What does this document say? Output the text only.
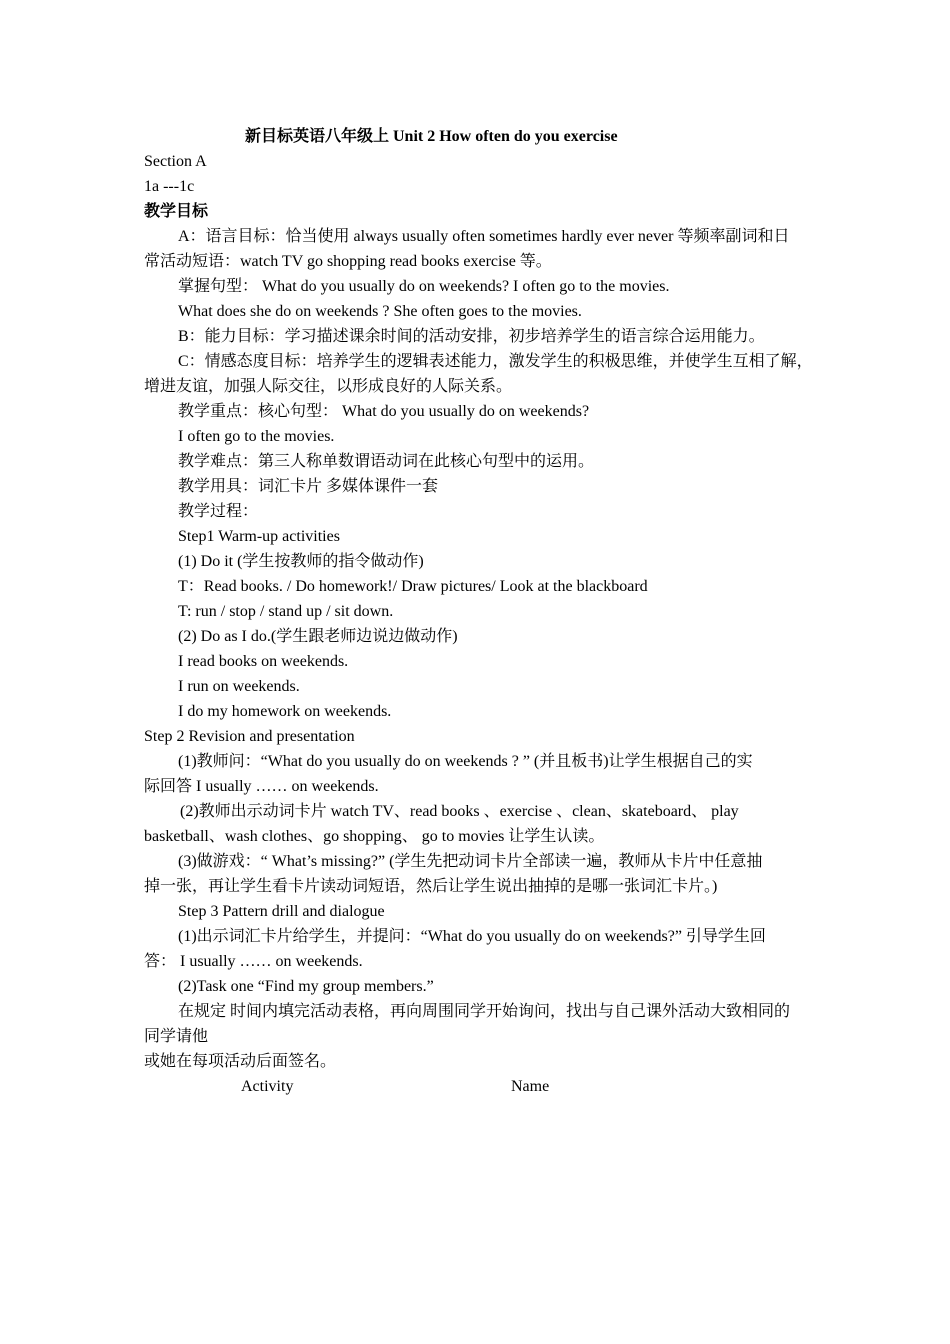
新目标英语八年级上 Unit 2 How often do you exercise
Section A
1a ---1c
教学目标
A：语言目标：恰当使用 always usually often sometimes hardly ever never 等频率副词和日
常活动短语：watch TV go shopping read books exercise 等。
掌握句型： What do you usually do on weekends? I often go to the movies.
What does she do on weekends ? She often goes to the movies.
B：能力目标：学习描述课余时间的活动安排，初步培养学生的语言综合运用能力。
C：情感态度目标：培养学生的逻辑表述能力，激发学生的积极思维，并使学生互相了解，
增进友谊，加强人际交往，以形成良好的人际关系。
教学重点：核心句型： What do you usually do on weekends?
I often go to the movies.
教学难点：第三人称单数谓语动词在此核心句型中的运用。
教学用具：词汇卡片 多媒体课件一套
教学过程：
Step1 Warm-up activities
(1) Do it (学生按教师的指令做动作)
T：Read books. / Do homework!/ Draw pictures/ Look at the blackboard
T: run / stop / stand up / sit down.
(2) Do as I do.(学生跟老师边说边做动作)
I read books on weekends.
I run on weekends.
I do my homework on weekends.
Step 2 Revision and presentation
(1)教师问：“What do you usually do on weekends ? ” (并且板书)让学生根据自己的实
际回答 I usually …… on weekends.
(2)教师出示动词卡片 watch TV、read books 、exercise 、clean、skateboard、 play
basketball、wash clothes、go shopping、 go to movies 让学生认读。
(3)做游戏：“ What’s missing?” (学生先把动词卡片全部读一遍，教师从卡片中任意抽
掉一张，再让学生看卡片读动词短语，然后让学生说出抽掉的是哪一张词汇卡片。)
Step 3 Pattern drill and dialogue
(1)出示词汇卡片给学生，并提问：“What do you usually do on weekends?” 引导学生回
答： I usually …… on weekends.
(2)Task one “Find my group members.”
在规定 时间内填完活动表格，再向周围同学开始询问，找出与自己课外活动大致相同的
同学请他
或她在每项活动后面签名。
Activity	Name
